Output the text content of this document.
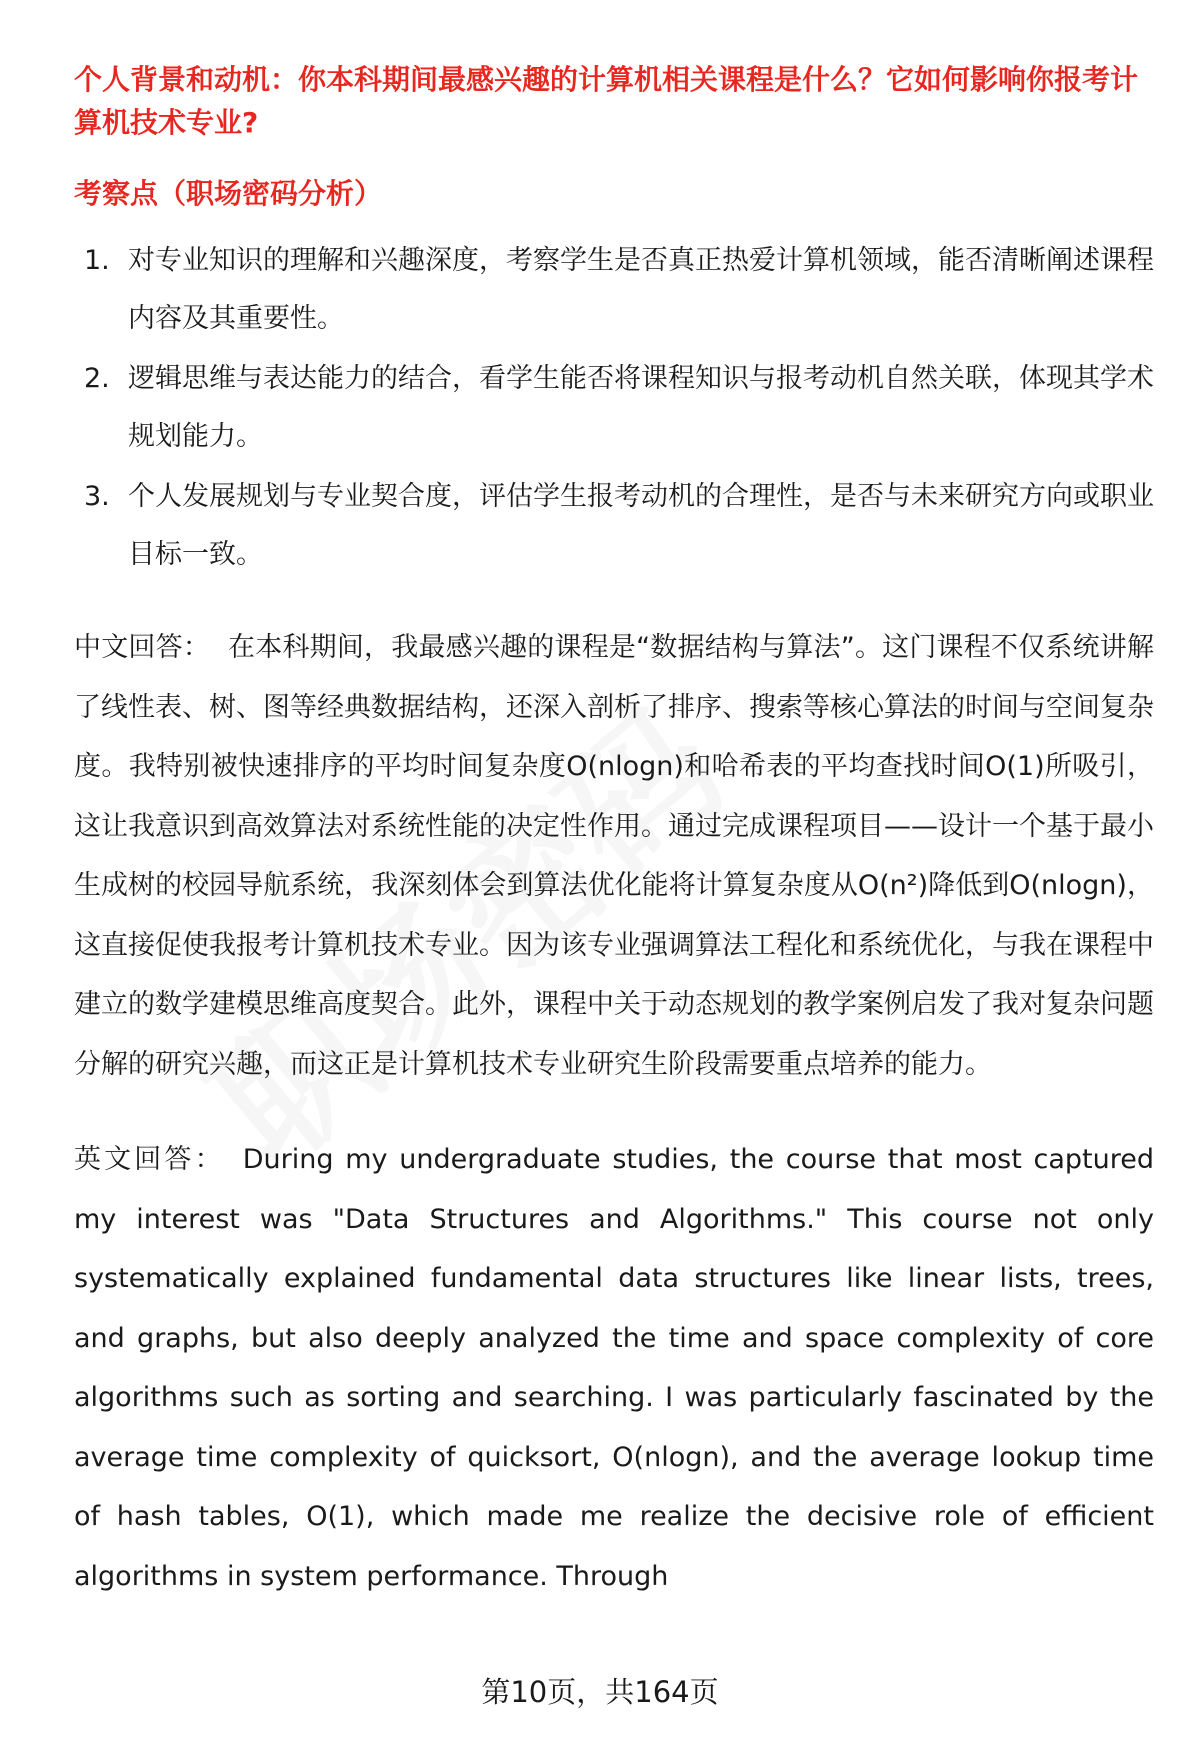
个人背景和动机：你本科期间最感兴趣的计算机相关课程是什么？它如何影响你报考计算机技术专业?

考察点（职场密码分析）
1. 对专业知识的理解和兴趣深度，考察学生是否真正热爱计算机领域，能否清晰阐述课程内容及其重要性。
2. 逻辑思维与表达能力的结合，看学生能否将课程知识与报考动机自然关联，体现其学术规划能力。
3. 个人发展规划与专业契合度，评估学生报考动机的合理性，是否与未来研究方向或职业目标一致。

中文回答： 在本科期间，我最感兴趣的课程是“数据结构与算法”。这门课程不仅系统讲解了线性表、树、图等经典数据结构，还深入剖析了排序、搜索等核心算法的时间与空间复杂度。我特别被快速排序的平均时间复杂度O(nlogn)和哈希表的平均查找时间O(1)所吸引，这让我意识到高效算法对系统性能的决定性作用。通过完成课程项目——设计一个基于最小生成树的校园导航系统，我深刻体会到算法优化能将计算复杂度从O(n²)降低到O(nlogn)，这直接促使我报考计算机技术专业。因为该专业强调算法工程化和系统优化，与我在课程中建立的数学建模思维高度契合。此外，课程中关于动态规划的教学案例启发了我对复杂问题分解的研究兴趣，而这正是计算机技术专业研究生阶段需要重点培养的能力。

英文回答： During my undergraduate studies, the course that most captured my interest was "Data Structures and Algorithms." This course not only systematically explained fundamental data structures like linear lists, trees, and graphs, but also deeply analyzed the time and space complexity of core algorithms such as sorting and searching. I was particularly fascinated by the average time complexity of quicksort, O(nlogn), and the average lookup time of hash tables, O(1), which made me realize the decisive role of efficient algorithms in system performance. Through

第10页，共164页
